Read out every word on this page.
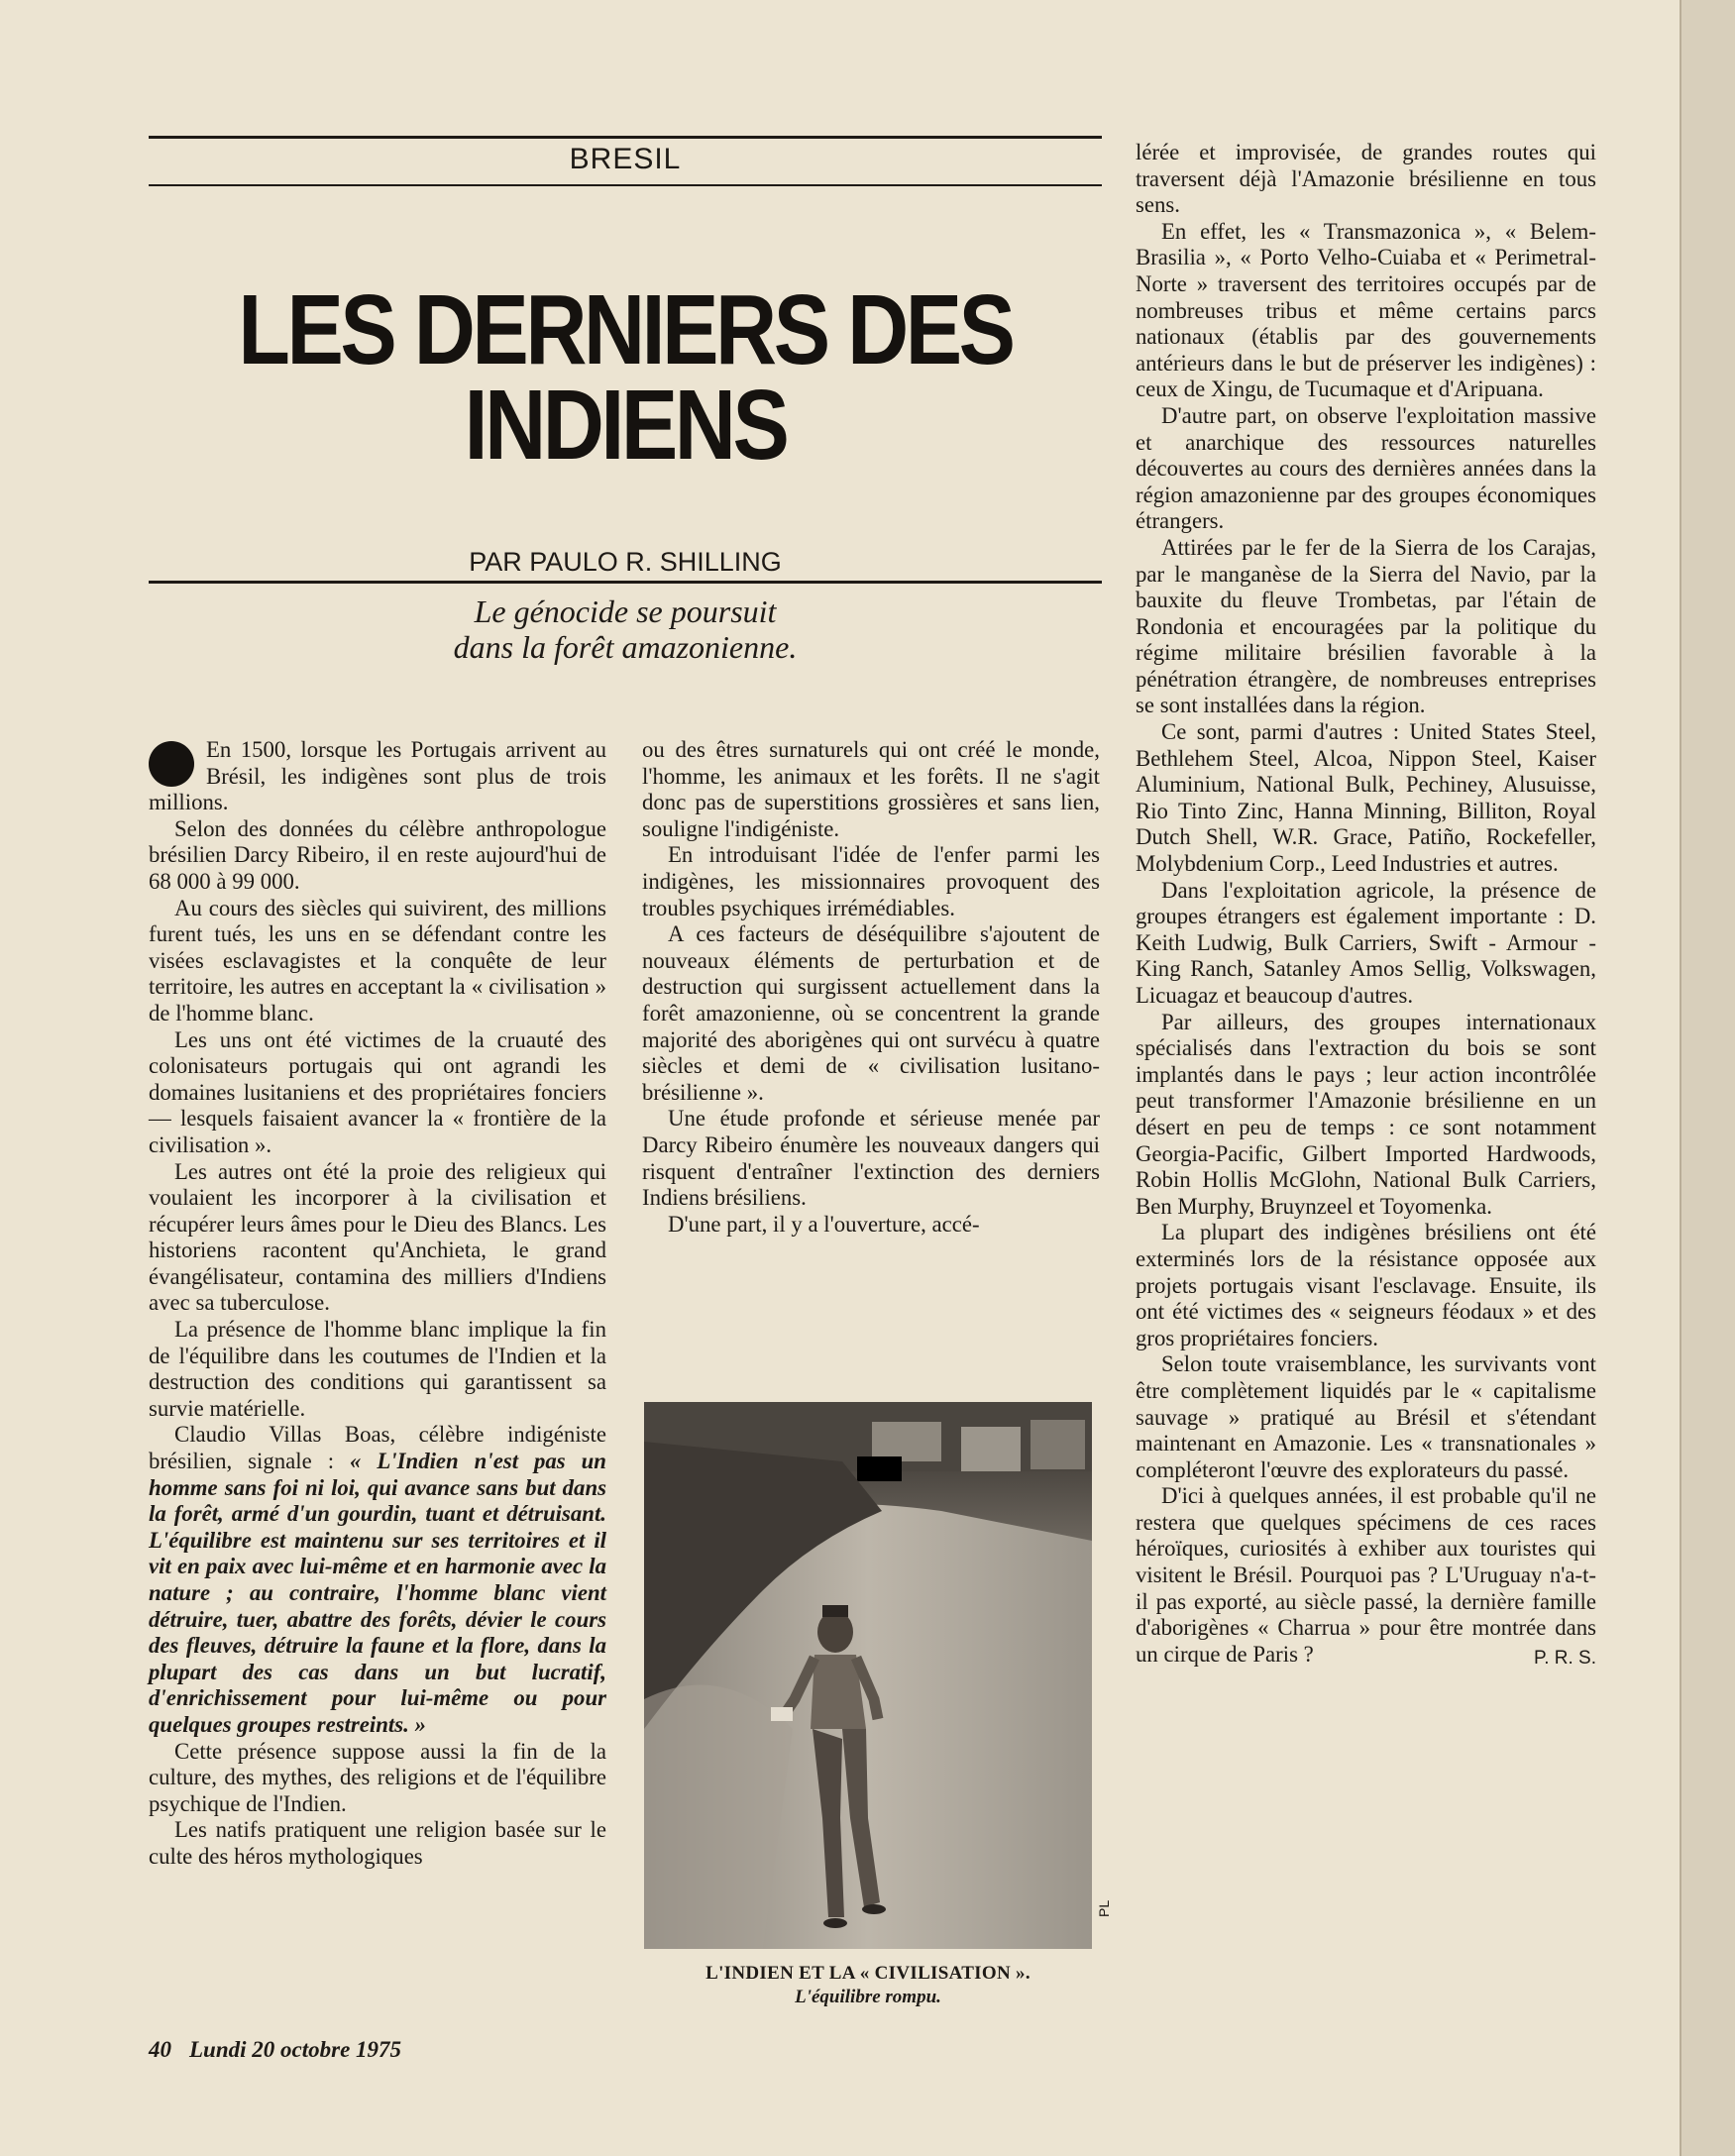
BRESIL
LES DERNIERS DES
INDIENS
PAR PAULO R. SHILLING
Le génocide se poursuit
dans la forêt amazonienne.

En 1500, lorsque les Portugais arrivent au Brésil, les indigènes sont plus de trois millions.

Selon des données du célèbre anthropologue brésilien Darcy Ribeiro, il en reste aujourd'hui de 68 000 à 99 000.

Au cours des siècles qui suivirent, des millions furent tués, les uns en se défendant contre les visées esclavagistes et la conquête de leur territoire, les autres en acceptant la « civilisation » de l'homme blanc.

Les uns ont été victimes de la cruauté des colonisateurs portugais qui ont agrandi les domaines lusitaniens et des propriétaires fonciers — lesquels faisaient avancer la « frontière de la civilisation ».

Les autres ont été la proie des religieux qui voulaient les incorporer à la civilisation et récupérer leurs âmes pour le Dieu des Blancs. Les historiens racontent qu'Anchieta, le grand évangélisateur, contamina des milliers d'Indiens avec sa tuberculose.

La présence de l'homme blanc implique la fin de l'équilibre dans les coutumes de l'Indien et la destruction des conditions qui garantissent sa survie matérielle.

Claudio Villas Boas, célèbre indigéniste brésilien, signale : « L'Indien n'est pas un homme sans foi ni loi, qui avance sans but dans la forêt, armé d'un gourdin, tuant et détruisant. L'équilibre est maintenu sur ses territoires et il vit en paix avec lui-même et en harmonie avec la nature ; au contraire, l'homme blanc vient détruire, tuer, abattre des forêts, dévier le cours des fleuves, détruire la faune et la flore, dans la plupart des cas dans un but lucratif, d'enrichissement pour lui-même ou pour quelques groupes restreints. »

Cette présence suppose aussi la fin de la culture, des mythes, des religions et de l'équilibre psychique de l'Indien.

Les natifs pratiquent une religion basée sur le culte des héros mythologiques

ou des êtres surnaturels qui ont créé le monde, l'homme, les animaux et les forêts. Il ne s'agit donc pas de superstitions grossières et sans lien, souligne l'indigéniste.

En introduisant l'idée de l'enfer parmi les indigènes, les missionnaires provoquent des troubles psychiques irrémédiables.

A ces facteurs de déséquilibre s'ajoutent de nouveaux éléments de perturbation et de destruction qui surgissent actuellement dans la forêt amazonienne, où se concentrent la grande majorité des aborigènes qui ont survécu à quatre siècles et demi de « civilisation lusitano-brésilienne ».

Une étude profonde et sérieuse menée par Darcy Ribeiro énumère les nouveaux dangers qui risquent d'entraîner l'extinction des derniers Indiens brésiliens.

D'une part, il y a l'ouverture, accé-

PL
L'INDIEN ET LA « CIVILISATION ».
L'équilibre rompu.

lérée et improvisée, de grandes routes qui traversent déjà l'Amazonie brésilienne en tous sens.

En effet, les « Transmazonica », « Belem-Brasilia », « Porto Velho-Cuiaba et « Perimetral-Norte » traversent des territoires occupés par de nombreuses tribus et même certains parcs nationaux (établis par des gouvernements antérieurs dans le but de préserver les indigènes) : ceux de Xingu, de Tucumaque et d'Aripuana.

D'autre part, on observe l'exploitation massive et anarchique des ressources naturelles découvertes au cours des dernières années dans la région amazonienne par des groupes économiques étrangers.

Attirées par le fer de la Sierra de los Carajas, par le manganèse de la Sierra del Navio, par la bauxite du fleuve Trombetas, par l'étain de Rondonia et encouragées par la politique du régime militaire brésilien favorable à la pénétration étrangère, de nombreuses entreprises se sont installées dans la région.

Ce sont, parmi d'autres : United States Steel, Bethlehem Steel, Alcoa, Nippon Steel, Kaiser Aluminium, National Bulk, Pechiney, Alusuisse, Rio Tinto Zinc, Hanna Minning, Billiton, Royal Dutch Shell, W.R. Grace, Patiño, Rockefeller, Molybdenium Corp., Leed Industries et autres.

Dans l'exploitation agricole, la présence de groupes étrangers est également importante : D. Keith Ludwig, Bulk Carriers, Swift - Armour - King Ranch, Satanley Amos Sellig, Volkswagen, Licuagaz et beaucoup d'autres.

Par ailleurs, des groupes internationaux spécialisés dans l'extraction du bois se sont implantés dans le pays ; leur action incontrôlée peut transformer l'Amazonie brésilienne en un désert en peu de temps : ce sont notamment Georgia-Pacific, Gilbert Imported Hardwoods, Robin Hollis McGlohn, National Bulk Carriers, Ben Murphy, Bruynzeel et Toyomenka.

La plupart des indigènes brésiliens ont été exterminés lors de la résistance opposée aux projets portugais visant l'esclavage. Ensuite, ils ont été victimes des « seigneurs féodaux » et des gros propriétaires fonciers.

Selon toute vraisemblance, les survivants vont être complètement liquidés par le « capitalisme sauvage » pratiqué au Brésil et s'étendant maintenant en Amazonie. Les « transnationales » compléteront l'œuvre des explorateurs du passé.

D'ici à quelques années, il est probable qu'il ne restera que quelques spécimens de ces races héroïques, curiosités à exhiber aux touristes qui visitent le Brésil. Pourquoi pas ? L'Uruguay n'a-t-il pas exporté, au siècle passé, la dernière famille d'aborigènes « Charrua » pour être montrée dans un cirque de Paris ?	P. R. S.

40 Lundi 20 octobre 1975
